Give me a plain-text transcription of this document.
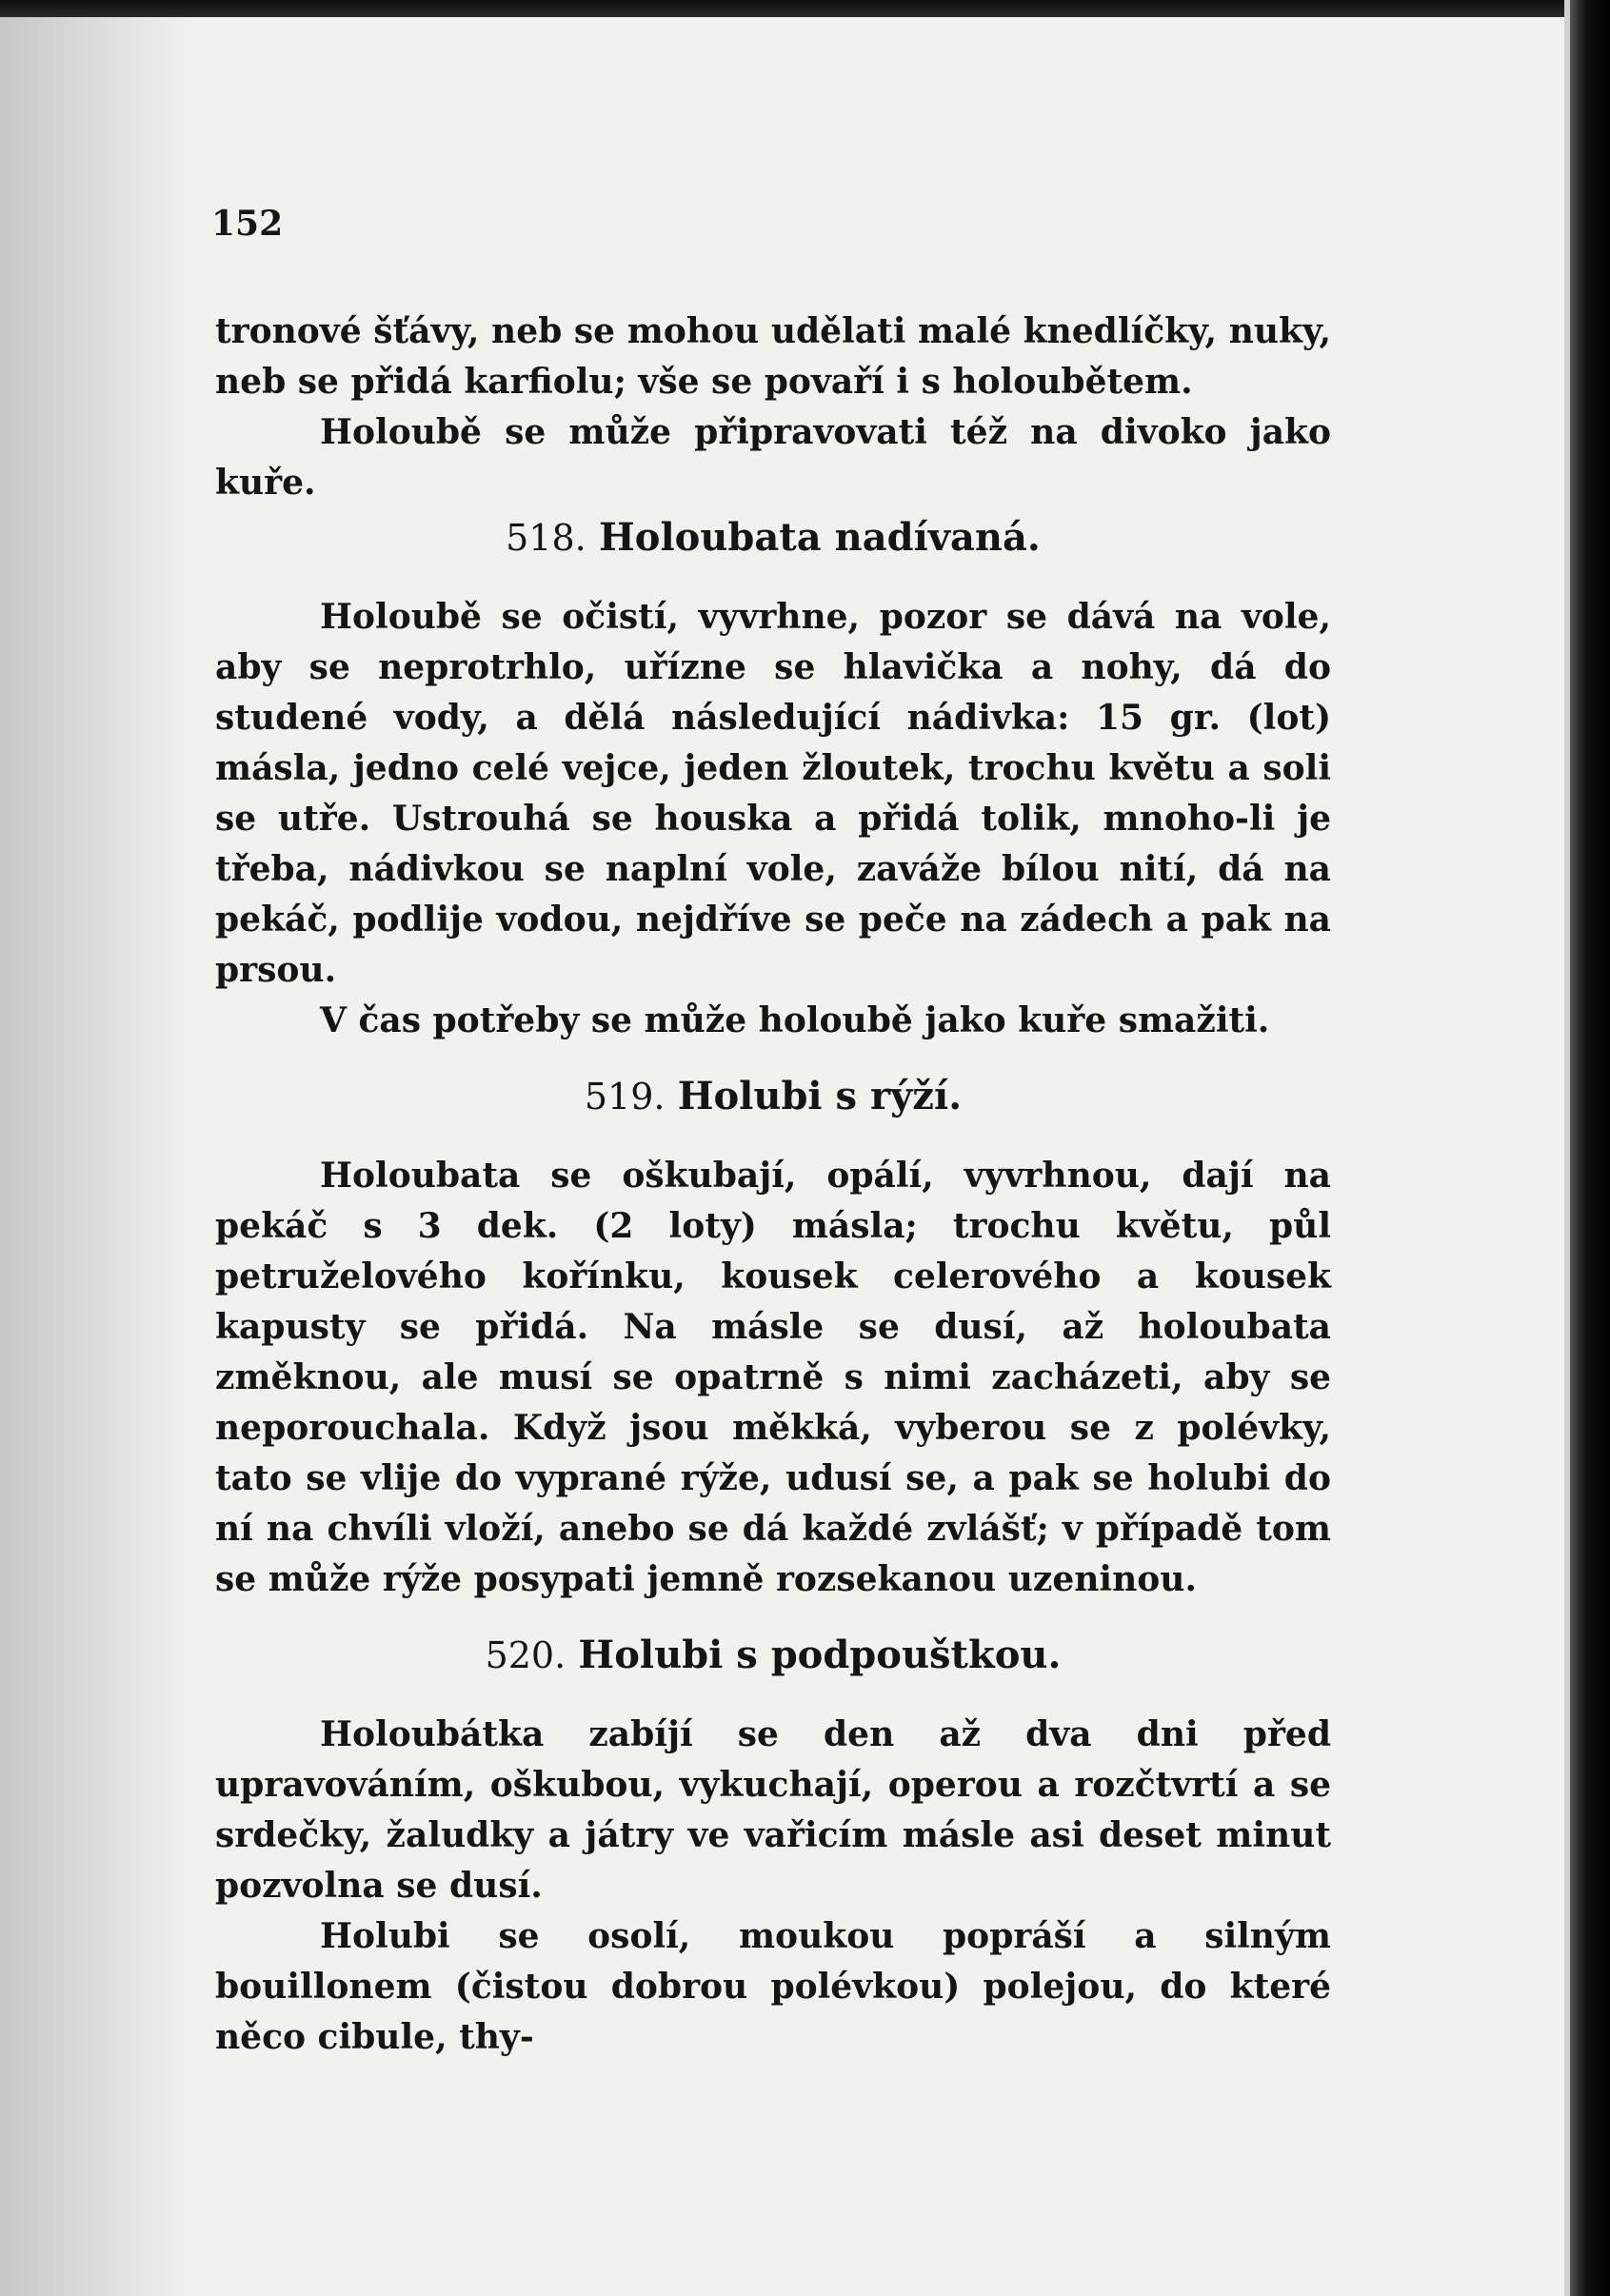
152

tronové šťávy, neb se mohou udělati malé knedlíčky, nuky, neb se přidá karfiolu; vše se povaří i s holoubětem.

Holoubě se může připravovati též na divoko jako kuře.

518. Holoubata nadívaná.

Holoubě se očistí, vyvrhne, pozor se dává na vole, aby se neprotrhlo, uřízne se hlavička a nohy, dá do studené vody, a dělá následující nádivka: 15 gr. (lot) másla, jedno celé vejce, jeden žloutek, trochu květu a soli se utře. Ustrouhá se houska a přidá tolik, mnoho-li je třeba, nádivkou se naplní vole, zaváže bílou nití, dá na pekáč, podlije vodou, nejdříve se peče na zádech a pak na prsou.

V čas potřeby se může holoubě jako kuře smažiti.

519. Holubi s rýží.

Holoubata se oškubají, opálí, vyvrhnou, dají na pekáč s 3 dek. (2 loty) másla; trochu květu, půl petruželového kořínku, kousek celerového a kousek kapusty se přidá. Na másle se dusí, až holoubata změknou, ale musí se opatrně s nimi zacházeti, aby se neporouchala. Když jsou měkká, vyberou se z polévky, tato se vlije do vyprané rýže, udusí se, a pak se holubi do ní na chvíli vloží, anebo se dá každé zvlášť; v případě tom se může rýže posypati jemně rozsekanou uzeninou.

520. Holubi s podpouštkou.

Holoubátka zabíjí se den až dva dni před upravováním, oškubou, vykuchají, operou a rozčtvrtí a se srdečky, žaludky a játry ve vařicím másle asi deset minut pozvolna se dusí.

Holubi se osolí, moukou popráší a silným bouillonem (čistou dobrou polévkou) polejou, do které něco cibule, thy-
